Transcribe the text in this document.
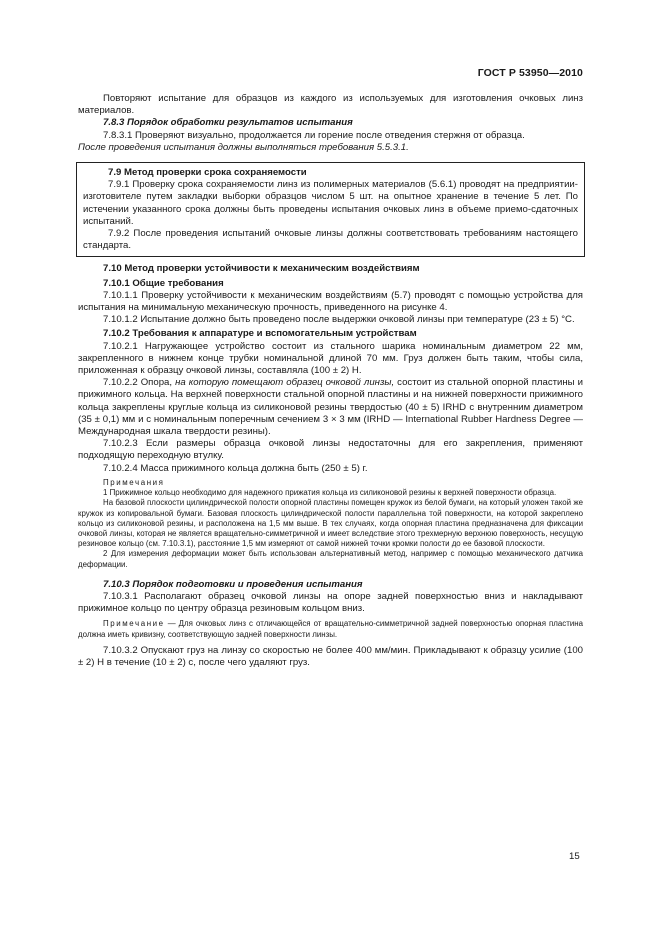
ГОСТ Р 53950—2010

Повторяют испытание для образцов из каждого из используемых для изготовления очковых линз материалов.

7.8.3 Порядок обработки результатов испытания

7.8.3.1 Проверяют визуально, продолжается ли горение после отведения стержня от образца.

После проведения испытания должны выполняться требования 5.5.3.1.

7.9 Метод проверки срока сохраняемости

7.9.1 Проверку срока сохраняемости линз из полимерных материалов (5.6.1) проводят на предприятии-изготовителе путем закладки выборки образцов числом 5 шт. на опытное хранение в течение 5 лет. По истечении указанного срока должны быть проведены испытания очковых линз в объеме приемо-сдаточных испытаний.

7.9.2 После проведения испытаний очковые линзы должны соответствовать требованиям настоящего стандарта.

7.10 Метод проверки устойчивости к механическим воздействиям

7.10.1 Общие требования

7.10.1.1 Проверку устойчивости к механическим воздействиям (5.7) проводят с помощью устройства для испытания на минимальную механическую прочность, приведенного на рисунке 4.

7.10.1.2 Испытание должно быть проведено после выдержки очковой линзы при температуре (23 ± 5) °С.

7.10.2 Требования к аппаратуре и вспомогательным устройствам

7.10.2.1 Нагружающее устройство состоит из стального шарика номинальным диаметром 22 мм, закрепленного в нижнем конце трубки номинальной длиной 70 мм. Груз должен быть таким, чтобы сила, приложенная к образцу очковой линзы, составляла (100 ± 2) Н.

7.10.2.2 Опора, на которую помещают образец очковой линзы, состоит из стальной опорной пластины и прижимного кольца. На верхней поверхности стальной опорной пластины и на нижней поверхности прижимного кольца закреплены круглые кольца из силиконовой резины твердостью (40 ± 5) IRHD с внутренним диаметром (35 ± 0,1) мм и с номинальным поперечным сечением 3 × 3 мм (IRHD — International Rubber Hardness Degree — Международная шкала твердости резины).

7.10.2.3 Если размеры образца очковой линзы недостаточны для его закрепления, применяют подходящую переходную втулку.

7.10.2.4 Масса прижимного кольца должна быть (250 ± 5) г.

Примечания

1 Прижимное кольцо необходимо для надежного прижатия кольца из силиконовой резины к верхней поверхности образца.

На базовой плоскости цилиндрической полости опорной пластины помещен кружок из белой бумаги, на который уложен такой же кружок из копировальной бумаги. Базовая плоскость цилиндрической полости параллельна той поверхности, на которой закреплено кольцо из силиконовой резины, и расположена на 1,5 мм выше. В тех случаях, когда опорная пластина предназначена для фиксации очковой линзы, которая не является вращательно-симметричной и имеет вследствие этого трехмерную верхнюю поверхность, несущую резиновое кольцо (см. 7.10.3.1), расстояние 1,5 мм измеряют от самой нижней точки кромки полости до ее базовой плоскости.

2 Для измерения деформации может быть использован альтернативный метод, например с помощью механического датчика деформации.

7.10.3 Порядок подготовки и проведения испытания

7.10.3.1 Располагают образец очковой линзы на опоре задней поверхностью вниз и накладывают прижимное кольцо по центру образца резиновым кольцом вниз.

Примечание — Для очковых линз с отличающейся от вращательно-симметричной задней поверхностью опорная пластина должна иметь кривизну, соответствующую задней поверхности линзы.

7.10.3.2 Опускают груз на линзу со скоростью не более 400 мм/мин. Прикладывают к образцу усилие (100 ± 2) Н в течение (10 ± 2) с, после чего удаляют груз.

15
